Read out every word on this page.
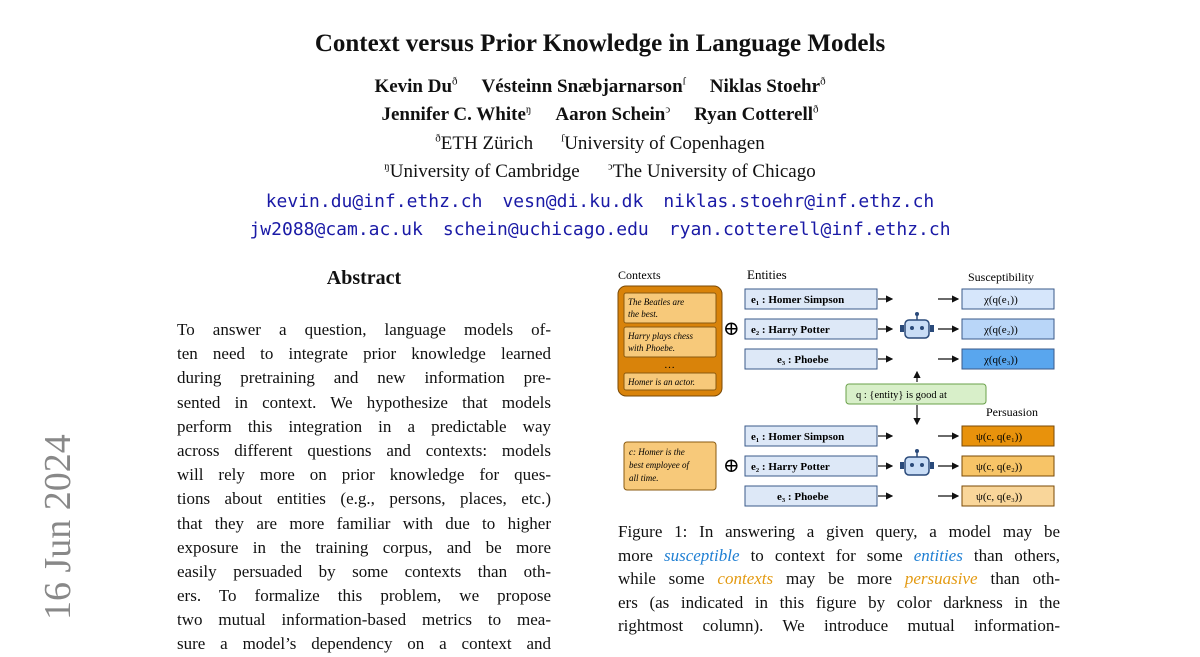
Context versus Prior Knowledge in Language Models
Kevin $Du^ð$ Vésteinn Snæbjarnarson$^ſ$ Niklas Stoehr$^ð$
Jennifer C. White$^ŋ$ Aaron Schein$^ↄ$ Ryan Cotterell$^ð$
$^ð$ETH Zürich	$^ſ$University of Copenhagen
$^ŋ$University of Cambridge	$^ↄ$The University of Chicago
kevin.du@inf.ethz.ch vesn@di.ku.dk niklas.stoehr@inf.ethz.ch
jw2088@cam.ac.uk schein@uchicago.edu ryan.cotterell@inf.ethz.ch
16 Jun 2024
Abstract
To answer a question, language models of-
ten need to integrate prior knowledge learned
during pretraining and new information pre-
sented in context. We hypothesize that models
perform this integration in a predictable way
across different questions and contexts: models
will rely more on prior knowledge for ques-
tions about entities (e.g., persons, places, etc.)
that they are more familiar with due to higher
exposure in the training corpus, and be more
easily persuaded by some contexts than oth-
ers. To formalize this problem, we propose
two mutual information-based metrics to mea-
sure a model’s dependency on a context and
Contexts	Entities	Susceptibility
The Beatles are
the best.
Harry plays chess
with Phoebe.
…
Homer is an actor.
⊕
e₁ : Homer Simpson
e₂ : Harry Potter
e₃ : Phoebe
χ(q(e₁))
χ(q(e₂))
χ(q(e₃))
q : {entity} is good at
Persuasion
c: Homer is the
best employee of
all time.
⊕
e₁ : Homer Simpson
e₂ : Harry Potter
e₃ : Phoebe
ψ(c, q(e₁))
ψ(c, q(e₂))
ψ(c, q(e₃))
Figure 1: In answering a given query, a model may be
more susceptible to context for some entities than others,
while some contexts may be more persuasive than oth-
ers (as indicated in this figure by color darkness in the
rightmost column). We introduce mutual information-
